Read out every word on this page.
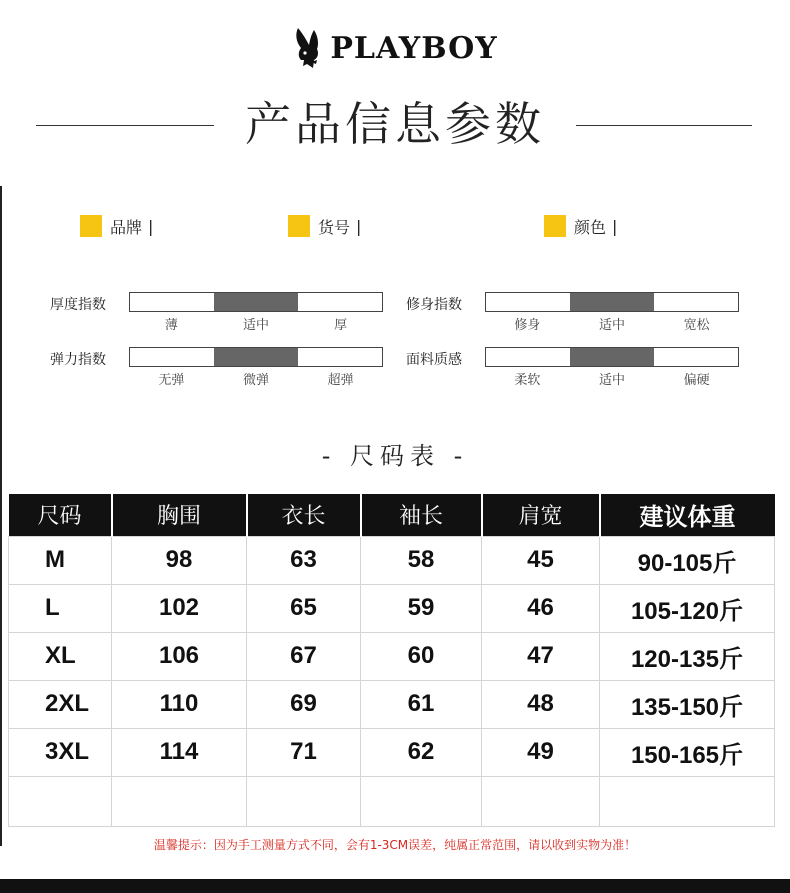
PLAYBOY
产品信息参数
品牌 |	货号 |	颜色 |
厚度指数
薄	适中	厚
修身指数
修身	适中	宽松
弹力指数
无弹	微弹	超弹
面料质感
柔软	适中	偏硬
- 尺码表 -
尺码	胸围	衣长	袖长	肩宽	建议体重
M	98	63	58	45	90-105斤
L	102	65	59	46	105-120斤
XL	106	67	60	47	120-135斤
2XL	110	69	61	48	135-150斤
3XL	114	71	62	49	150-165斤

温馨提示：因为手工测量方式不同，会有1-3CM误差，纯属正常范围，请以收到实物为准！
